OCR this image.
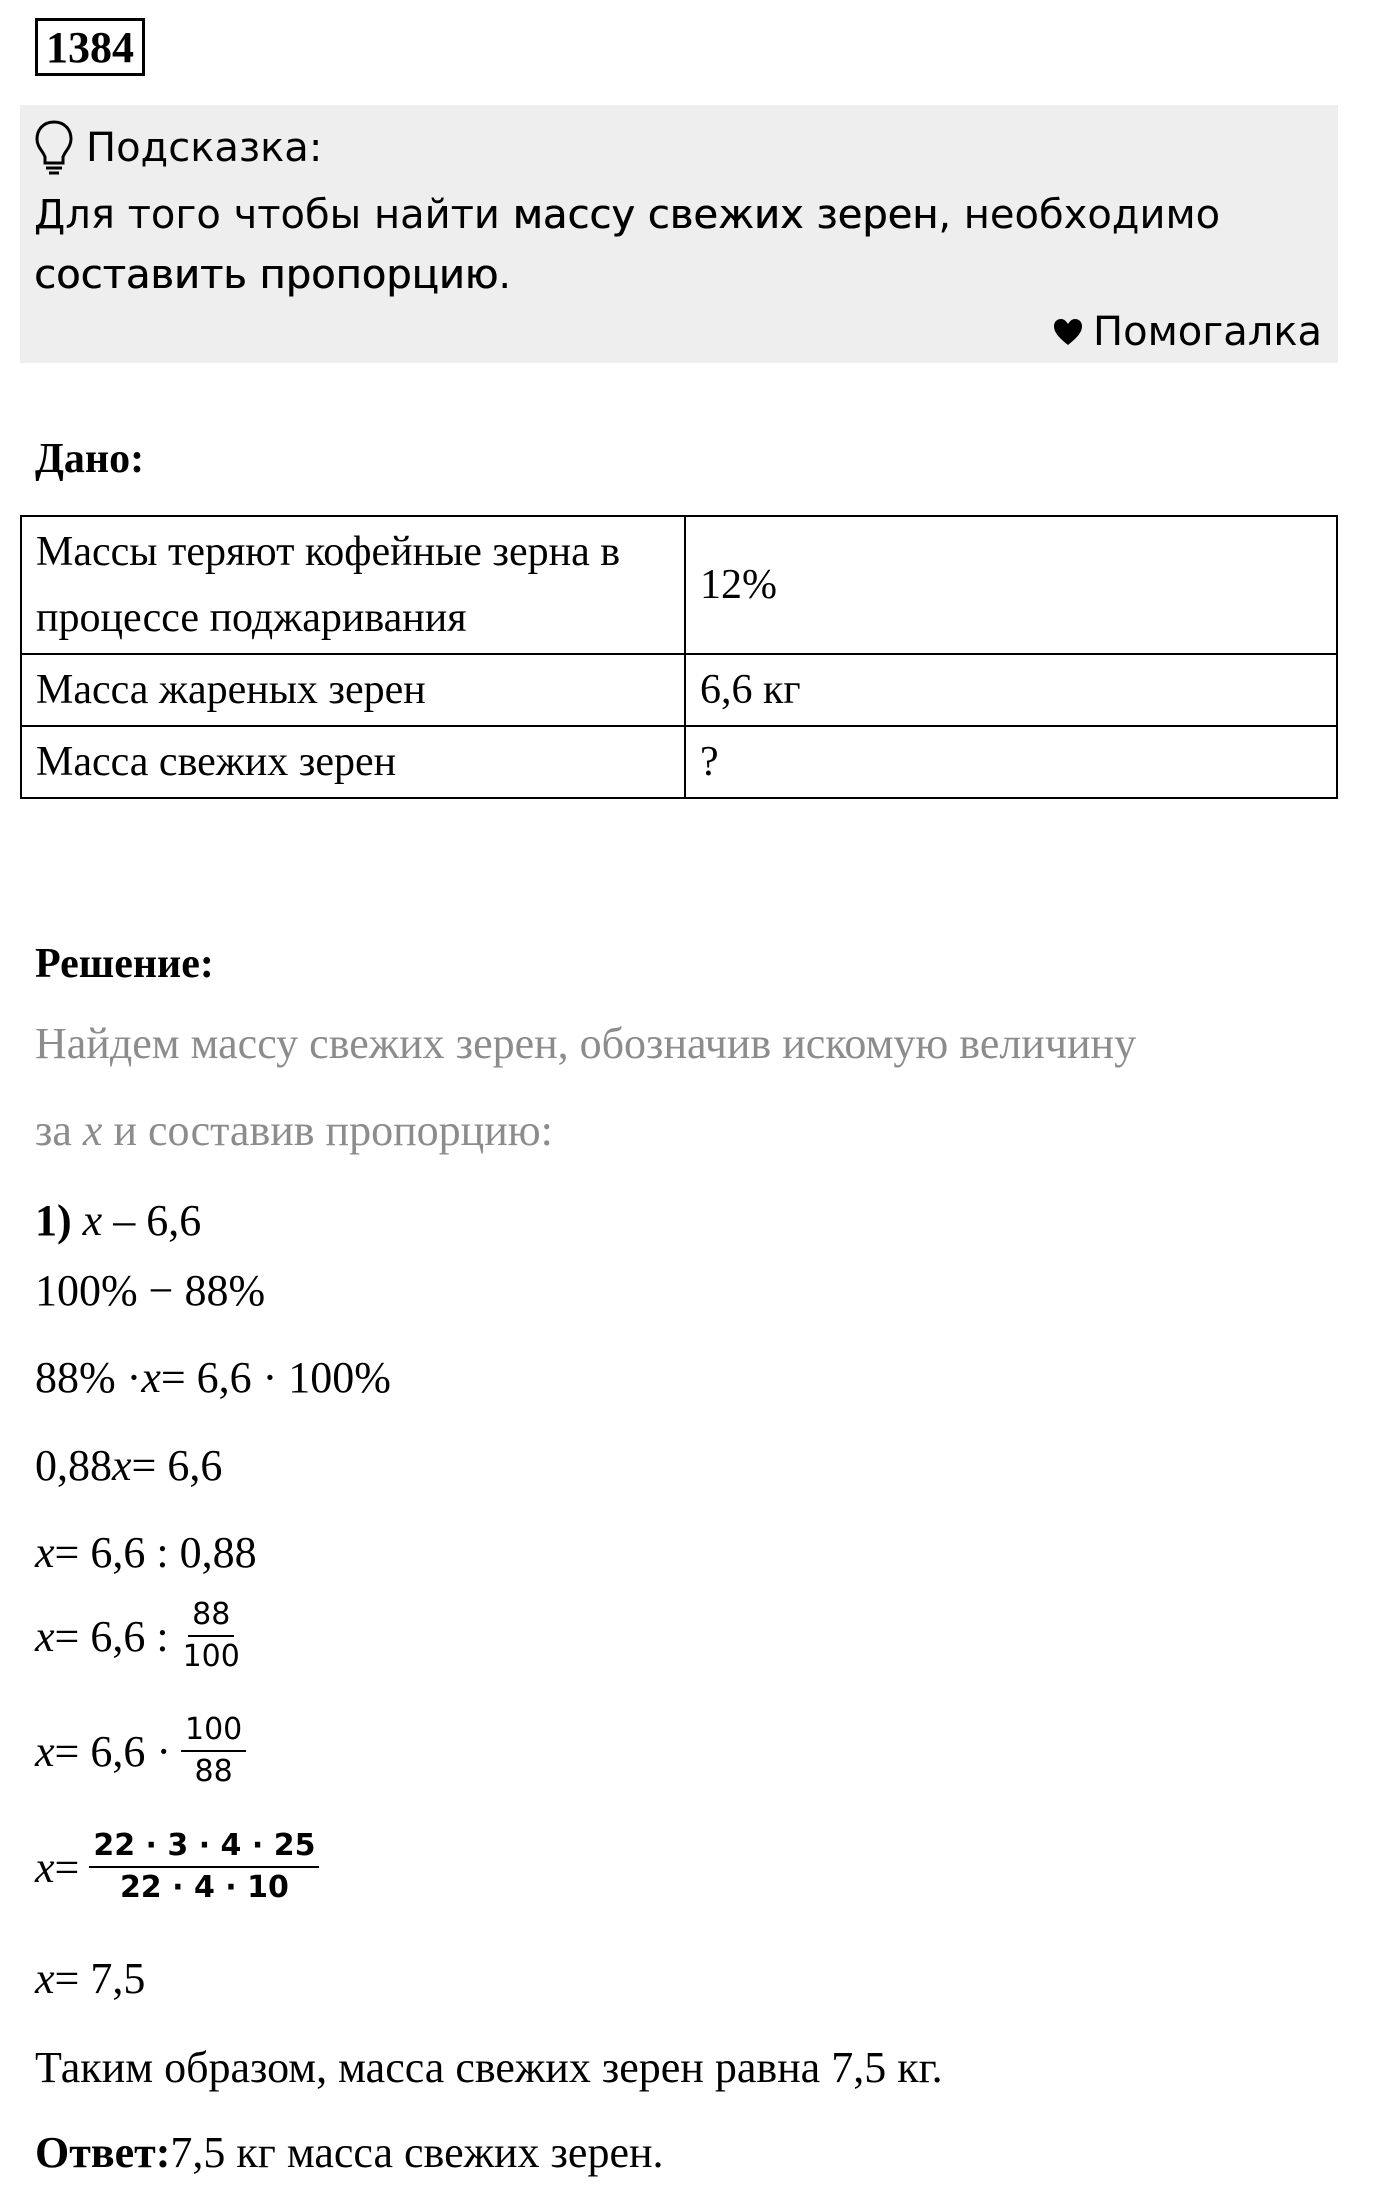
1384
Подсказка:
Для того чтобы найти массу свежих зерен, необходимо
составить пропорцию.
Помогалка
Дано:
Массы теряют кофейные зерна в процессе поджаривания	12%
Масса жареных зерен	6,6 кг
Масса свежих зерен	?
Решение:
Найдем массу свежих зерен, обозначив искомую величину
за
x
и составив пропорцию:
1)
x
– 6,6
100% − 88%
88% · x = 6,6 · 100%
0,88 x = 6,6
x = 6,6 : 0,88
x = 6,6 : $\frac{88}{100}$
$x = 6,6 \cdot \frac{100}{88}$
$x = \frac{22 \cdot 3 \cdot 4 \cdot 25}{22 \cdot 4 \cdot 10}$
x = 7,5
Таким образом, масса свежих зерен равна 7,5 кг.
Ответ: 7,5 кг масса свежих зерен.
